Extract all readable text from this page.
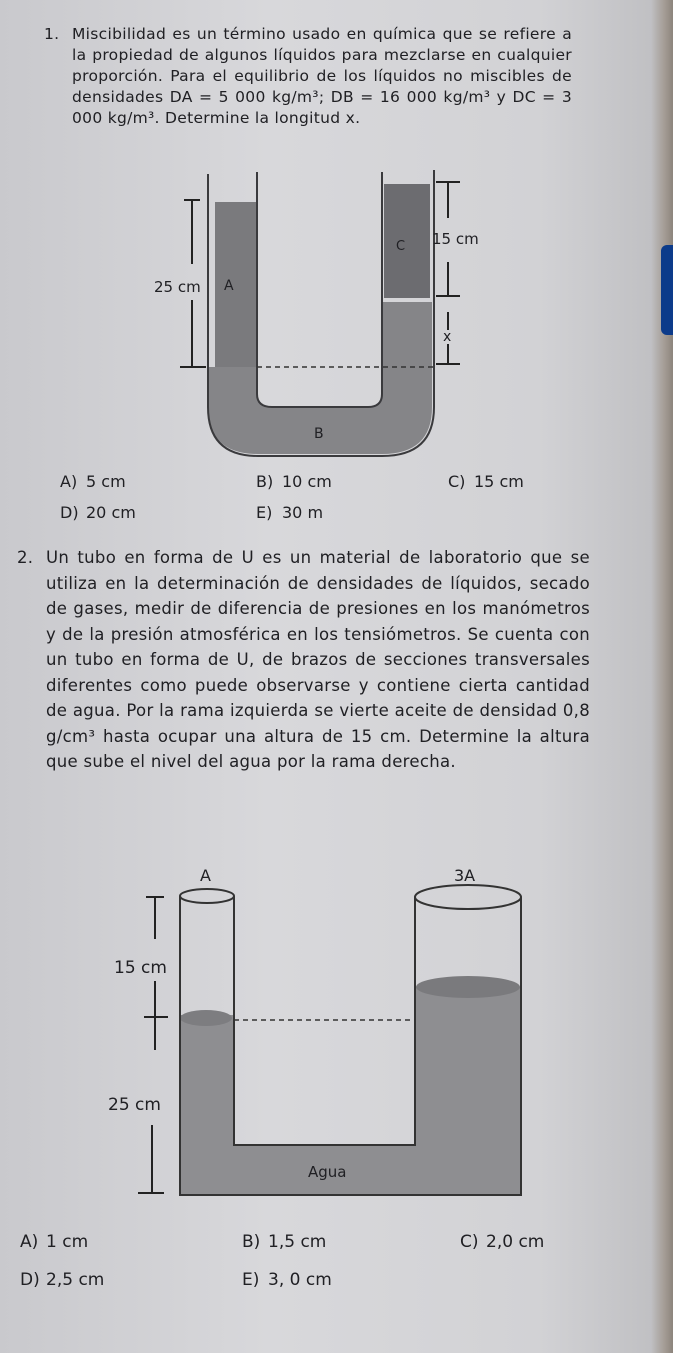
1. Miscibilidad es un término usado en química que se refiere a la propiedad de algunos líquidos para mezclarse en cualquier proporción. Para el equilibrio de los líquidos no miscibles de densidades DA = 5 000 kg/m³; DB = 16 000 kg/m³ y DC = 3 000 kg/m³. Determine la longitud x.
25 cm A
15 cm
C
x
B
A) 5 cm	B) 10 cm	C) 15 cm
D) 20 cm	E) 30 m
2. Un tubo en forma de U es un material de laboratorio que se utiliza en la determinación de densidades de líquidos, secado de gases, medir de diferencia de presiones en los manómetros y de la presión atmosférica en los tensiómetros. Se cuenta con un tubo en forma de U, de brazos de secciones transversales diferentes como puede observarse y contiene cierta cantidad de agua. Por la rama izquierda se vierte aceite de densidad 0,8 g/cm³ hasta ocupar una altura de 15 cm. Determine la altura que sube el nivel del agua por la rama derecha.
A	3A
15 cm
25 cm
Agua
A) 1 cm	B) 1,5 cm	C) 2,0 cm
D) 2,5 cm	E) 3, 0 cm
